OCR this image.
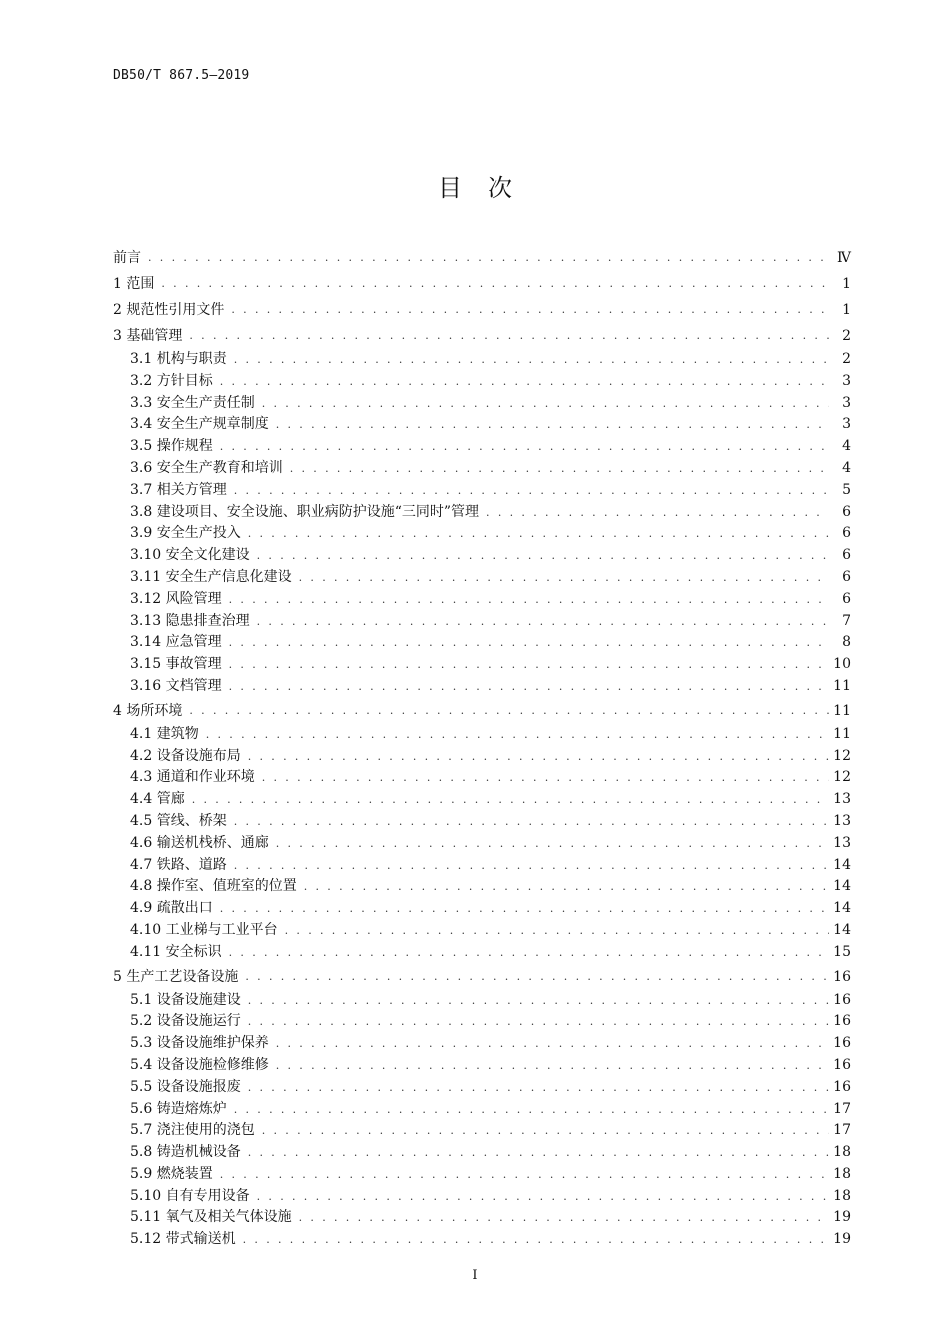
DB50/T 867.5—2019
目次
前言 . . .	Ⅳ
1 范围 . . .	1
2 规范性引用文件 . . .	1
3 基础管理 . . .	2
3.1 机构与职责 . . .	2
3.2 方针目标 . . .	3
3.3 安全生产责任制 . . .	3
3.4 安全生产规章制度 . . .	3
3.5 操作规程 . . .	4
3.6 安全生产教育和培训 . . .	4
3.7 相关方管理 . . .	5
3.8 建设项目、安全设施、职业病防护设施“三同时”管理 . . .	6
3.9 安全生产投入 . . .	6
3.10 安全文化建设 . . .	6
3.11 安全生产信息化建设 . . .	6
3.12 风险管理 . . .	6
3.13 隐患排查治理 . . .	7
3.14 应急管理 . . .	8
3.15 事故管理 . . .	10
3.16 文档管理 . . .	11
4 场所环境 . . .	11
4.1 建筑物 . . .	11
4.2 设备设施布局 . . .	12
4.3 通道和作业环境 . . .	12
4.4 管廊 . . .	13
4.5 管线、桥架 . . .	13
4.6 输送机栈桥、通廊 . . .	13
4.7 铁路、道路 . . .	14
4.8 操作室、值班室的位置 . . .	14
4.9 疏散出口 . . .	14
4.10 工业梯与工业平台 . . .	14
4.11 安全标识 . . .	15
5 生产工艺设备设施 . . .	16
5.1 设备设施建设 . . .	16
5.2 设备设施运行 . . .	16
5.3 设备设施维护保养 . . .	16
5.4 设备设施检修维修 . . .	16
5.5 设备设施报废 . . .	16
5.6 铸造熔炼炉 . . .	17
5.7 浇注使用的浇包 . . .	17
5.8 铸造机械设备 . . .	18
5.9 燃烧装置 . . .	18
5.10 自有专用设备 . . .	18
5.11 氧气及相关气体设施 . . .	19
5.12 带式输送机 . . .	19
I
